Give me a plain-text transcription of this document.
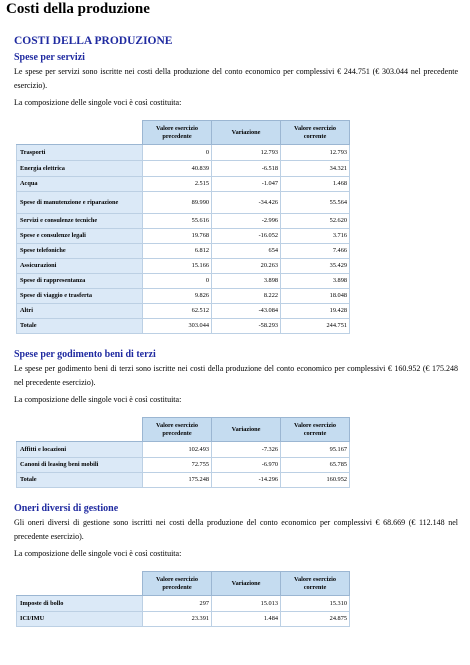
Costi della produzione
COSTI DELLA PRODUZIONE
Spese per servizi

Le spese per servizi sono iscritte nei costi della produzione del conto economico per complessivi € 244.751 (€ 303.044 nel precedente esercizio).

La composizione delle singole voci è così costituita:

	Valore esercizio precedente	Variazione	Valore esercizio corrente
Trasporti	0	12.793	12.793
Energia elettrica	40.839	-6.518	34.321
Acqua	2.515	-1.047	1.468
Spese di manutenzione e riparazione	89.990	-34.426	55.564
Servizi e consulenze tecniche	55.616	-2.996	52.620
Spese e consulenze legali	19.768	-16.052	3.716
Spese telefoniche	6.812	654	7.466
Assicurazioni	15.166	20.263	35.429
Spese di rappresentanza	0	3.898	3.898
Spese di viaggio e trasferta	9.826	8.222	18.048
Altri	62.512	-43.084	19.428
Totale	303.044	-58.293	244.751
Spese per godimento beni di terzi

Le spese per godimento beni di terzi sono iscritte nei costi della produzione del conto economico per complessivi € 160.952 (€ 175.248 nel precedente esercizio).

La composizione delle singole voci è così costituita:

	Valore esercizio precedente	Variazione	Valore esercizio corrente
Affitti e locazioni	102.493	-7.326	95.167
Canoni di leasing beni mobili	72.755	-6.970	65.785
Totale	175.248	-14.296	160.952
Oneri diversi di gestione

Gli oneri diversi di gestione sono iscritti nei costi della produzione del conto economico per complessivi € 68.669 (€ 112.148 nel precedente esercizio).

La composizione delle singole voci è così costituita:

	Valore esercizio precedente	Variazione	Valore esercizio corrente
Imposte di bollo	297	15.013	15.310
ICI/IMU	23.391	1.484	24.875
